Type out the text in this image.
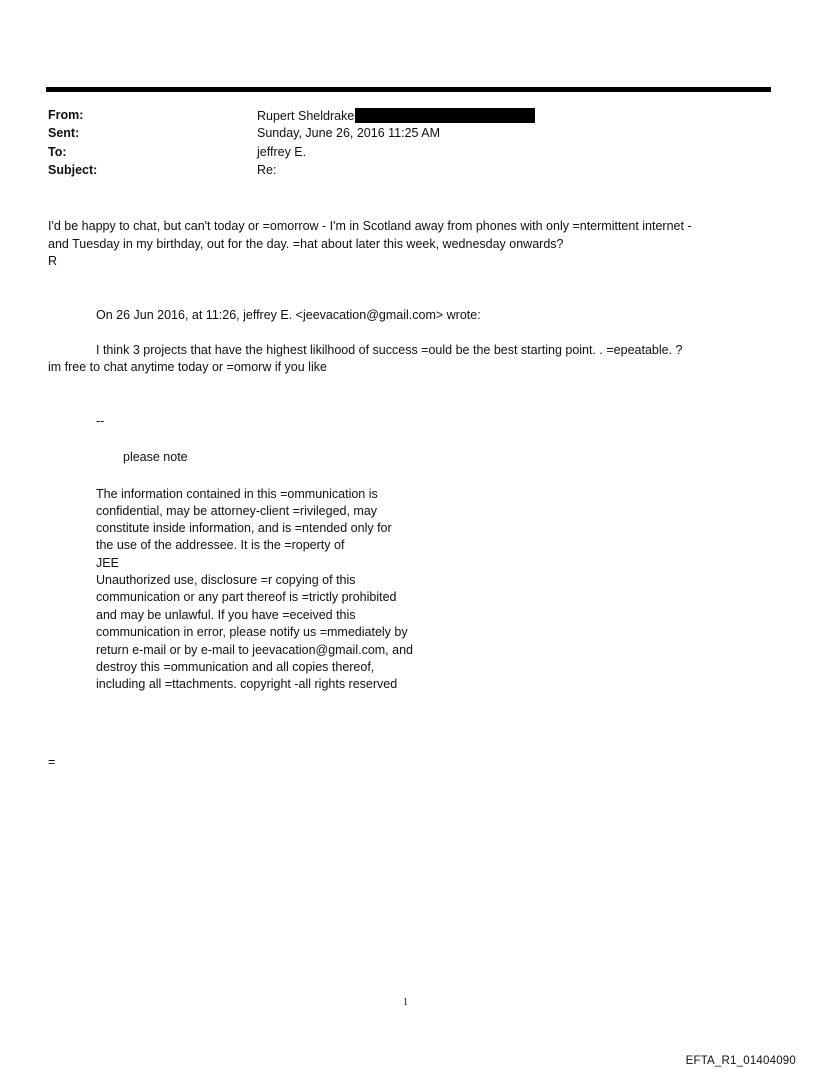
From:	Rupert Sheldrake
Sent:	Sunday, June 26, 2016 11:25 AM
To:	jeffrey E.
Subject:	Re:
I'd be happy to chat, but can't today or =omorrow - I'm in Scotland away from phones with only =ntermittent internet -
and Tuesday in my birthday, out for the day. =hat about later this week, wednesday onwards?
R
On 26 Jun 2016, at 11:26, jeffrey E. <jeevacation@gmail.com> wrote:
I think 3 projects that have the highest likilhood of success =ould be the best starting point. . =epeatable. ?
im free to chat anytime today or =omorw if you like
--
please note
The information contained in this =ommunication is
confidential, may be attorney-client =rivileged, may
constitute inside information, and is =ntended only for
the use of the addressee. It is the =roperty of
JEE
Unauthorized use, disclosure =r copying of this
communication or any part thereof is =trictly prohibited
and may be unlawful. If you have =eceived this
communication in error, please notify us =mmediately by
return e-mail or by e-mail to jeevacation@gmail.com, and
destroy this =ommunication and all copies thereof,
including all =ttachments. copyright -all rights reserved
=
1
EFTA_R1_01404090
